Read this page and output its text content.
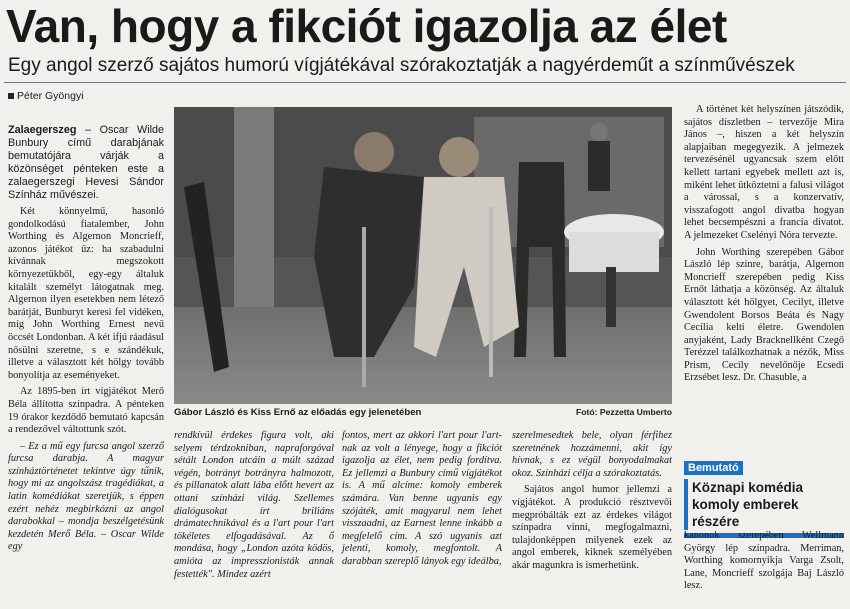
Van, hogy a fikciót igazolja az élet
Egy angol szerző sajátos humorú vígjátékával szórakoztatják a nagyérdeműt a színművészek
Péter Gyöngyi

Zalaegerszeg – Oscar Wilde Bunbury című darabjának bemutatójára várják a közönséget pénteken este a zalaegerszegi Hevesi Sándor Színház művészei.

Két könnyelmű, hasonló gondolkodású fiatalember, John Worthing és Algernon Moncrieff, azonos játékot űz: ha szabadulni kívánnak megszokott környezetükből, egy-egy általuk kitalált személyt látogatnak meg. Algernon ilyen esetekben nem létező barátját, Bunburyt keresi fel vidéken, míg John Worthing Ernest nevű öccsét Londonban. A két ifjú ráadásul nősülni szeretne, s e szándékuk, illetve a választott két hölgy tovább bonyolítja az eseményeket.

Az 1895-ben írt vígjátékot Merő Béla állította színpadra. A pénteken 19 órakor kezdődő bemutató kapcsán a rendezővel váltottunk szót.

– Ez a mű egy furcsa angol szerző furcsa darabja. A magyar színháztörténetet tekintve úgy tűnik, hogy mi az angolszász tragédiákat, a latin komédiákat szeretjük, s éppen ezért nehéz megbirkózni az angol darabokkal – mondja beszélgetésünk kezdetén Merő Béla. – Oscar Wilde egy

Gábor László és Kiss Ernő az előadás egy jelenetében	Fotó: Pezzetta Umberto

rendkívül érdekes figura volt, aki selyem térdzokniban, napraforgóval sétált London utcáin a múlt század végén, botrányt botrányra halmozott, és pillanatok alatt lába előtt hevert az ottani színházi világ. Szellemes dialógusokat írt briliáns drámatechnikával és a l'art pour l'art tökéletes elfogadásával. Az ő mondása, hogy „London azóta ködös, amióta az impresszionisták annak festették". Mindez azért

fontos, mert az akkori l'art pour l'art-nak az volt a lényege, hogy a fikciót igazolja az élet, nem pedig fordítva. Ez jellemzi a Bunbury című vígjátékot is. A mű alcíme: komoly emberek számára. Van benne ugyanis egy szójáték, amit magyarul nem lehet visszaadni, az Earnest lenne inkább a megfelelő cím. A szó ugyanis azt jelenti, komoly, megfontolt. A darabban szereplő lányok egy ideálba,

szerelmesedtek bele, olyan férfihez szeretnének hozzámenni, akit így hívnak, s ez végül bonyodalmakat okoz. Színházi célja a szórakoztatás.

Sajátos angol humor jellemzi a vígjátékot. A produkció résztvevői megpróbálták ezt az érdekes világot színpadra vinni, megfogalmazni, tulajdonképpen milyenek ezek az angol emberek, kiknek személyében akár magunkra is ismerhetünk.

A történet két helyszínen játszódik, sajátos díszletben – tervezője Mira János –, hiszen a két helyszín alapjaiban megegyezik. A jelmezek tervezésénél ugyancsak szem előtt kellett tartani egyebek mellett azt is, miként lehet ütköztetni a falusi világot a várossal, s a konzervatív, visszafogott angol divatba hogyan lehet becsempészni a francia divatot. A jelmezeket Cselényi Nóra tervezte.

John Worthing szerepében Gábor László lép színre, barátja, Algernon Moncrieff szerepében pedig Kiss Ernőt láthatja a közönség. Az általuk választott két hölgyet, Cecilyt, illetve Gwendolent Borsos Beáta és Nagy Cecília kelti életre. Gwendolen anyjaként, Lady Bracknellként Czegő Terézzel találkozhatnak a nézők, Miss Prism, Cecily nevelőnője Ecsedi Erzsébet lesz. Dr. Chasuble, a

Bemutató
Köznapi komédia komoly emberek részére

kanonok szerepében Wellmann György lép színpadra. Merriman, Worthing komornyikja Varga Zsolt, Lane, Moncrieff szolgája Baj László lesz.
